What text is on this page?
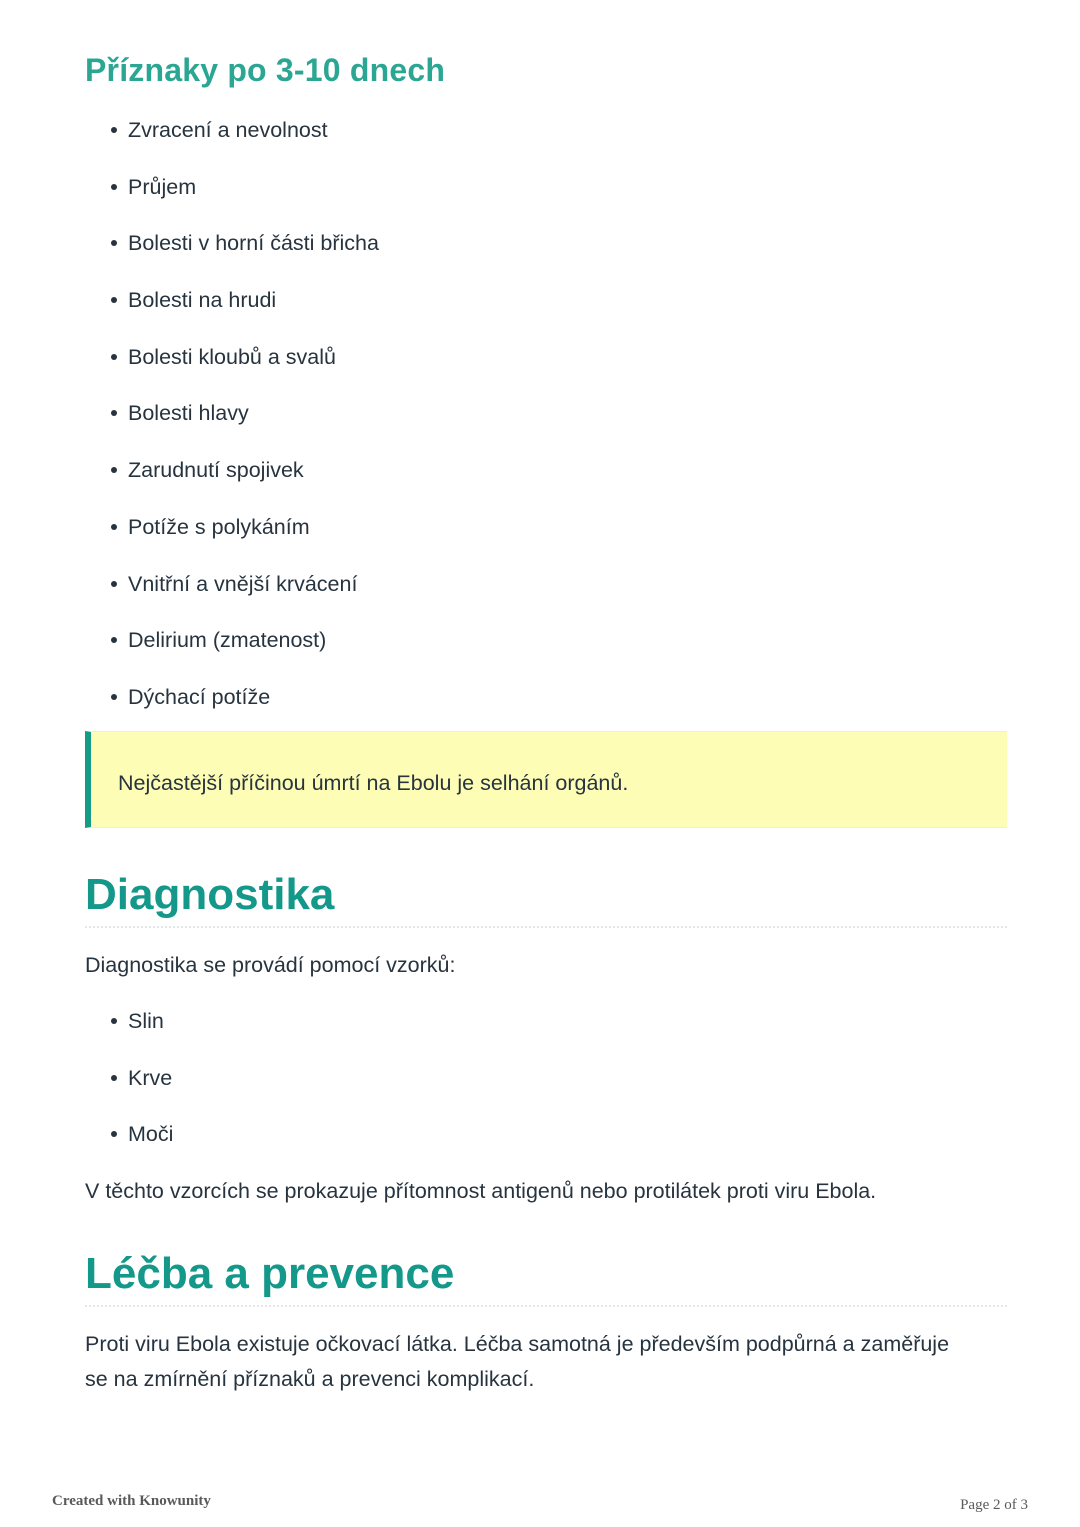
Příznaky po 3-10 dnech
Zvracení a nevolnost
Průjem
Bolesti v horní části břicha
Bolesti na hrudi
Bolesti kloubů a svalů
Bolesti hlavy
Zarudnutí spojivek
Potíže s polykáním
Vnitřní a vnější krvácení
Delirium (zmatenost)
Dýchací potíže
Nejčastější příčinou úmrtí na Ebolu je selhání orgánů.
Diagnostika

Diagnostika se provádí pomocí vzorků:

Slin
Krve
Moči

V těchto vzorcích se prokazuje přítomnost antigenů nebo protilátek proti viru Ebola.

Léčba a prevence

Proti viru Ebola existuje očkovací látka. Léčba samotná je především podpůrná a zaměřuje se na zmírnění příznaků a prevenci komplikací.

Created with Knowunity	Page 2 of 3
